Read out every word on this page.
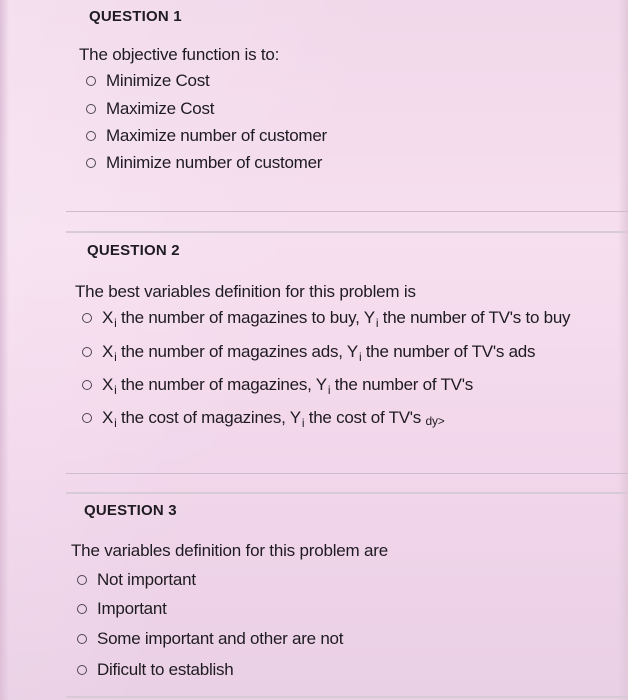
QUESTION 1
The objective function is to:
Minimize Cost
Maximize Cost
Maximize number of customer
Minimize number of customer
QUESTION 2
The best variables definition for this problem is
$X_i$ the number of magazines to buy, $Y_i$ the number of TV's to buy
$X_i$ the number of magazines ads, $Y_i$ the number of TV's ads
$X_i$ the number of magazines, $Y_i$ the number of TV's
$X_i$ the cost of magazines, $Y_i$ the cost of TV's dy>
QUESTION 3
The variables definition for this problem are
Not important
Important
Some important and other are not
Dificult to establish
